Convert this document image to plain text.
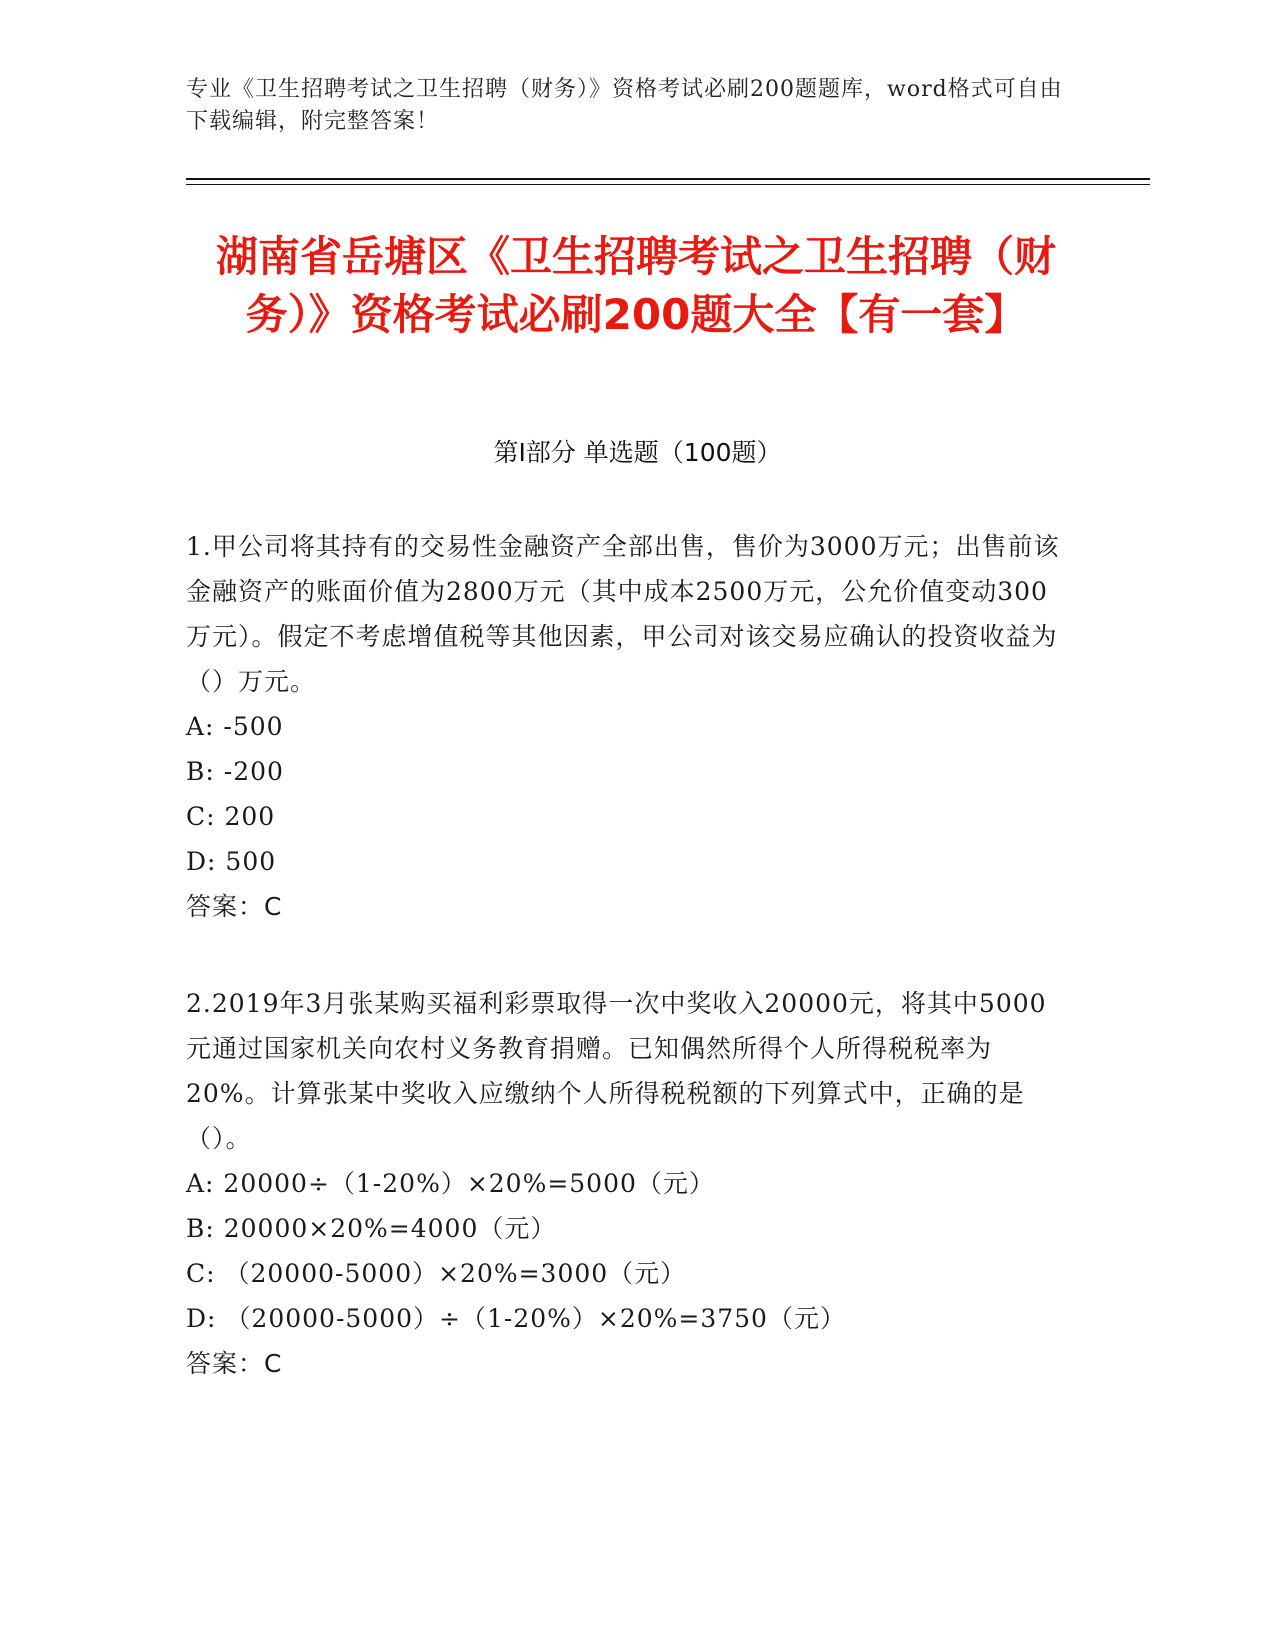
专业《卫生招聘考试之卫生招聘（财务）》资格考试必刷200题题库，word格式可自由下载编辑，附完整答案！
湖南省岳塘区《卫生招聘考试之卫生招聘（财务）》资格考试必刷200题大全【有一套】
第I部分 单选题（100题）

1.甲公司将其持有的交易性金融资产全部出售，售价为3000万元；出售前该金融资产的账面价值为2800万元（其中成本2500万元，公允价值变动300万元）。假定不考虑增值税等其他因素，甲公司对该交易应确认的投资收益为（）万元。

A: -500

B: -200

C: 200

D: 500

答案：C

2.2019年3月张某购买福利彩票取得一次中奖收入20000元，将其中5000元通过国家机关向农村义务教育捐赠。已知偶然所得个人所得税税率为20%。计算张某中奖收入应缴纳个人所得税税额的下列算式中，正确的是（）。

A: 20000÷（1-20%）×20%=5000（元）

B: 20000×20%=4000（元）

C: （20000-5000）×20%=3000（元）

D: （20000-5000）÷（1-20%）×20%=3750（元）

答案：C
